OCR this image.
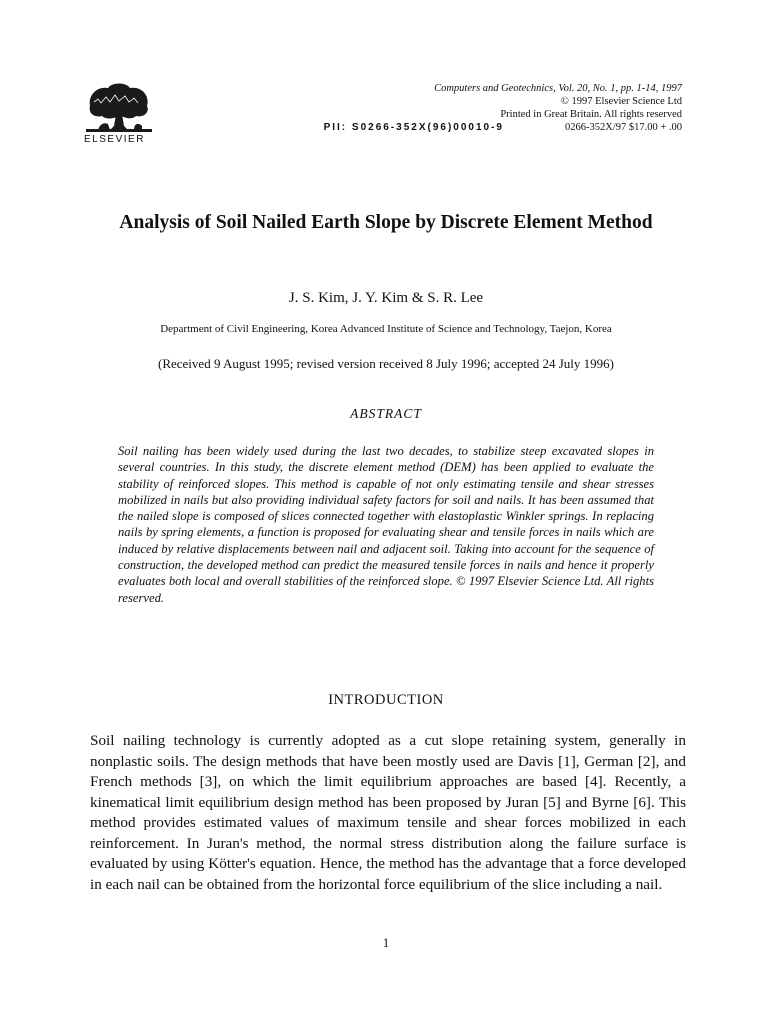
ELSEVIER
Computers and Geotechnics, Vol. 20, No. 1, pp. 1-14, 1997
© 1997 Elsevier Science Ltd
Printed in Great Britain. All rights reserved
0266-352X/97 $17.00 + .00
PII: S0266-352X(96)00010-9
Analysis of Soil Nailed Earth Slope by Discrete Element Method
J. S. Kim, J. Y. Kim & S. R. Lee
Department of Civil Engineering, Korea Advanced Institute of Science and Technology, Taejon, Korea
(Received 9 August 1995; revised version received 8 July 1996; accepted 24 July 1996)
ABSTRACT
Soil nailing has been widely used during the last two decades, to stabilize steep excavated slopes in several countries. In this study, the discrete element method (DEM) has been applied to evaluate the stability of reinforced slopes. This method is capable of not only estimating tensile and shear stresses mobilized in nails but also providing individual safety factors for soil and nails. It has been assumed that the nailed slope is composed of slices connected together with elastoplastic Winkler springs. In replacing nails by spring elements, a function is proposed for evaluating shear and tensile forces in nails which are induced by relative displacements between nail and adjacent soil. Taking into account for the sequence of construction, the developed method can predict the measured tensile forces in nails and hence it properly evaluates both local and overall stabilities of the reinforced slope. © 1997 Elsevier Science Ltd. All rights reserved.
INTRODUCTION
Soil nailing technology is currently adopted as a cut slope retaining system, generally in nonplastic soils. The design methods that have been mostly used are Davis [1], German [2], and French methods [3], on which the limit equilibrium approaches are based [4]. Recently, a kinematical limit equilibrium design method has been proposed by Juran [5] and Byrne [6]. This method provides estimated values of maximum tensile and shear forces mobilized in each reinforcement. In Juran's method, the normal stress distribution along the failure surface is evaluated by using Kötter's equation. Hence, the method has the advantage that a force developed in each nail can be obtained from the horizontal force equilibrium of the slice including a nail.
1
